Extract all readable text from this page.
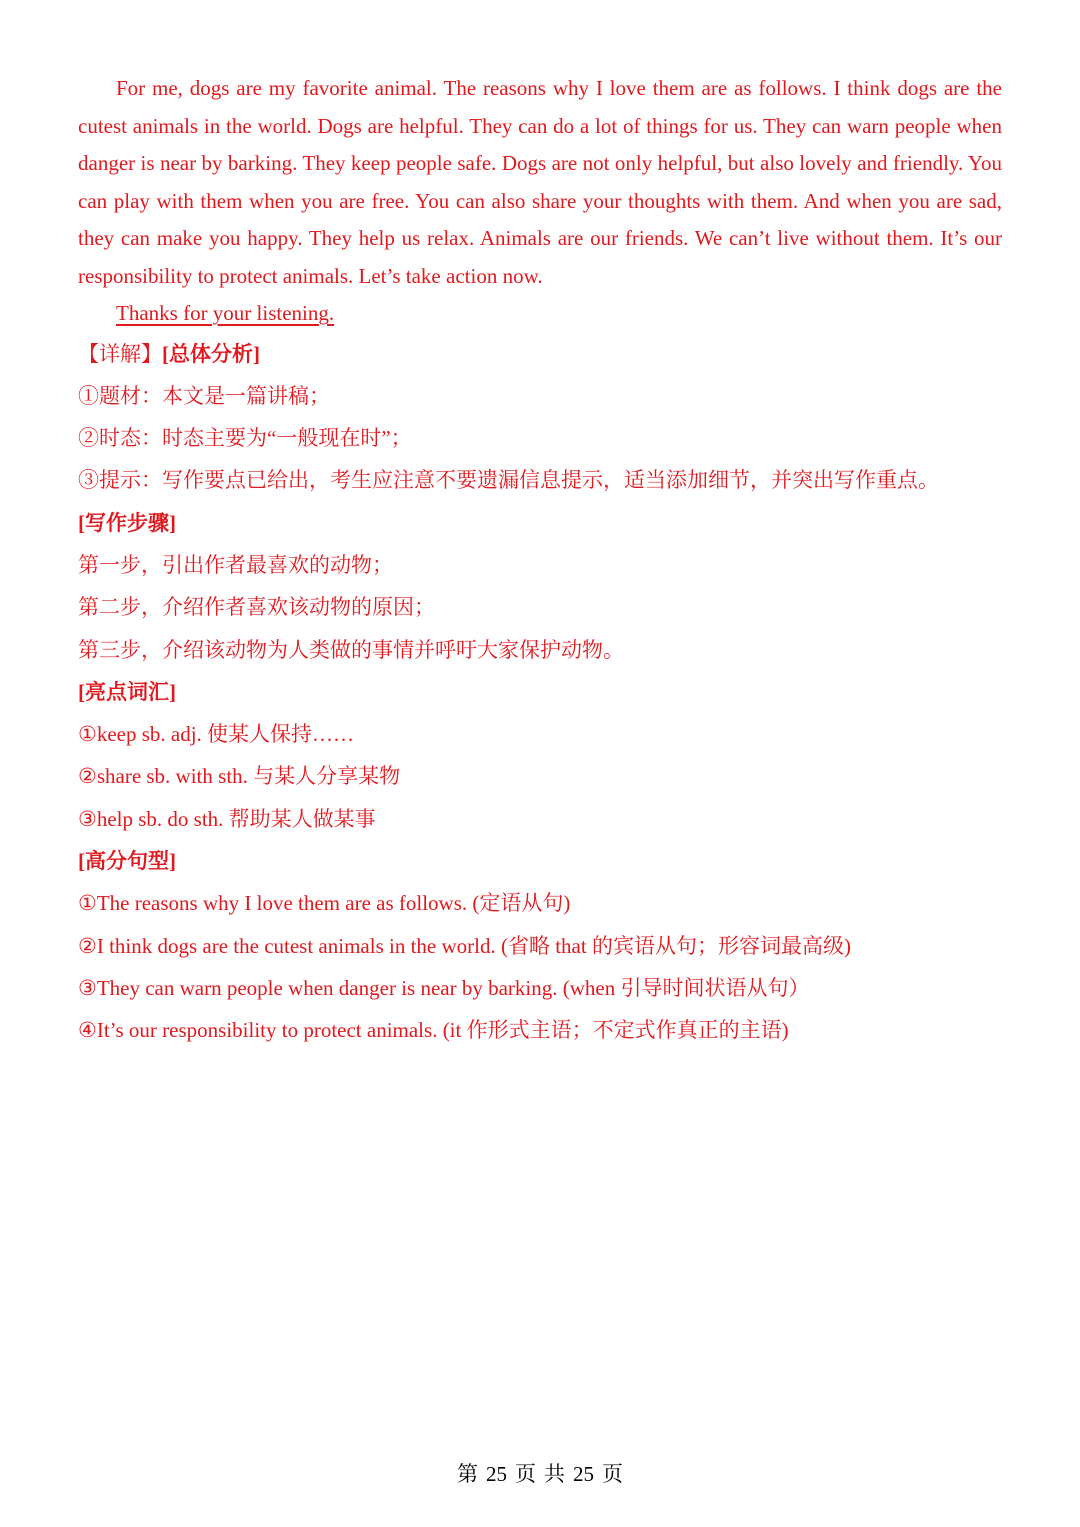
For me, dogs are my favorite animal. The reasons why I love them are as follows. I think dogs are the cutest animals in the world. Dogs are helpful. They can do a lot of things for us. They can warn people when danger is near by barking. They keep people safe. Dogs are not only helpful, but also lovely and friendly. You can play with them when you are free. You can also share your thoughts with them. And when you are sad, they can make you happy. They help us relax. Animals are our friends. We can’t live without them. It’s our responsibility to protect animals. Let’s take action now.

Thanks for your listening.

【详解】[总体分析]

①题材：本文是一篇讲稿；

②时态：时态主要为“一般现在时”；

③提示：写作要点已给出，考生应注意不要遗漏信息提示，适当添加细节，并突出写作重点。

[写作步骤]

第一步，引出作者最喜欢的动物；

第二步，介绍作者喜欢该动物的原因；

第三步，介绍该动物为人类做的事情并呼吁大家保护动物。

[亮点词汇]

①keep sb. adj. 使某人保持……

②share sb. with sth. 与某人分享某物

③help sb. do sth. 帮助某人做某事

[高分句型]

①The reasons why I love them are as follows. (定语从句)

②I think dogs are the cutest animals in the world. (省略 that 的宾语从句；形容词最高级)

③They can warn people when danger is near by barking. (when 引导时间状语从句）

④It’s our responsibility to protect animals. (it 作形式主语；不定式作真正的主语)

第 25 页 共 25 页
